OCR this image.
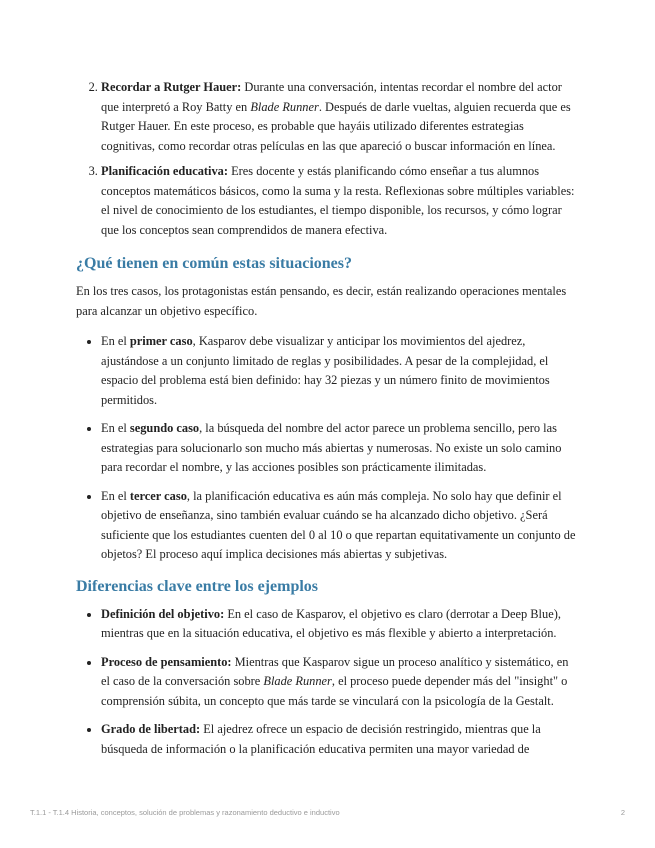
2. Recordar a Rutger Hauer: Durante una conversación, intentas recordar el nombre del actor que interpretó a Roy Batty en Blade Runner. Después de darle vueltas, alguien recuerda que es Rutger Hauer. En este proceso, es probable que hayáis utilizado diferentes estrategias cognitivas, como recordar otras películas en las que apareció o buscar información en línea.
3. Planificación educativa: Eres docente y estás planificando cómo enseñar a tus alumnos conceptos matemáticos básicos, como la suma y la resta. Reflexionas sobre múltiples variables: el nivel de conocimiento de los estudiantes, el tiempo disponible, los recursos, y cómo lograr que los conceptos sean comprendidos de manera efectiva.
¿Qué tienen en común estas situaciones?

En los tres casos, los protagonistas están pensando, es decir, están realizando operaciones mentales para alcanzar un objetivo específico.

En el primer caso, Kasparov debe visualizar y anticipar los movimientos del ajedrez, ajustándose a un conjunto limitado de reglas y posibilidades. A pesar de la complejidad, el espacio del problema está bien definido: hay 32 piezas y un número finito de movimientos permitidos.
En el segundo caso, la búsqueda del nombre del actor parece un problema sencillo, pero las estrategias para solucionarlo son mucho más abiertas y numerosas. No existe un solo camino para recordar el nombre, y las acciones posibles son prácticamente ilimitadas.
En el tercer caso, la planificación educativa es aún más compleja. No solo hay que definir el objetivo de enseñanza, sino también evaluar cuándo se ha alcanzado dicho objetivo. ¿Será suficiente que los estudiantes cuenten del 0 al 10 o que repartan equitativamente un conjunto de objetos? El proceso aquí implica decisiones más abiertas y subjetivas.
Diferencias clave entre los ejemplos
Definición del objetivo: En el caso de Kasparov, el objetivo es claro (derrotar a Deep Blue), mientras que en la situación educativa, el objetivo es más flexible y abierto a interpretación.
Proceso de pensamiento: Mientras que Kasparov sigue un proceso analítico y sistemático, en el caso de la conversación sobre Blade Runner, el proceso puede depender más del "insight" o comprensión súbita, un concepto que más tarde se vinculará con la psicología de la Gestalt.
Grado de libertad: El ajedrez ofrece un espacio de decisión restringido, mientras que la búsqueda de información o la planificación educativa permiten una mayor variedad de
T.1.1 - T.1.4 Historia, conceptos, solución de problemas y razonamiento deductivo e inductivo	2
